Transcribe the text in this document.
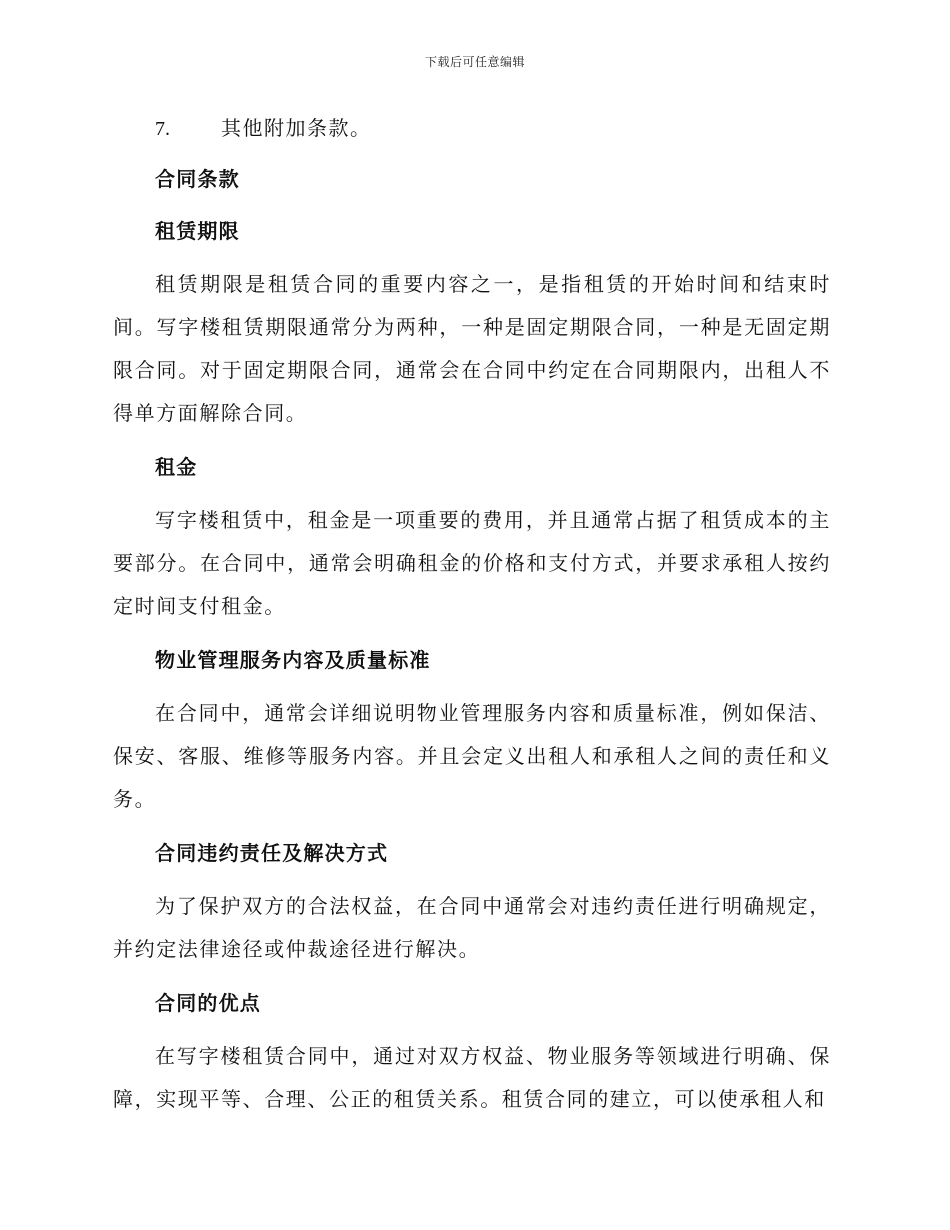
下载后可任意编辑
7.	其他附加条款。
合同条款
租赁期限
租赁期限是租赁合同的重要内容之一，是指租赁的开始时间和结束时间。写字楼租赁期限通常分为两种，一种是固定期限合同，一种是无固定期限合同。对于固定期限合同，通常会在合同中约定在合同期限内，出租人不得单方面解除合同。
租金
写字楼租赁中，租金是一项重要的费用，并且通常占据了租赁成本的主要部分。在合同中，通常会明确租金的价格和支付方式，并要求承租人按约定时间支付租金。
物业管理服务内容及质量标准
在合同中，通常会详细说明物业管理服务内容和质量标准，例如保洁、保安、客服、维修等服务内容。并且会定义出租人和承租人之间的责任和义务。
合同违约责任及解决方式
为了保护双方的合法权益，在合同中通常会对违约责任进行明确规定，并约定法律途径或仲裁途径进行解决。
合同的优点
在写字楼租赁合同中，通过对双方权益、物业服务等领域进行明确、保障，实现平等、合理、公正的租赁关系。租赁合同的建立，可以使承租人和
